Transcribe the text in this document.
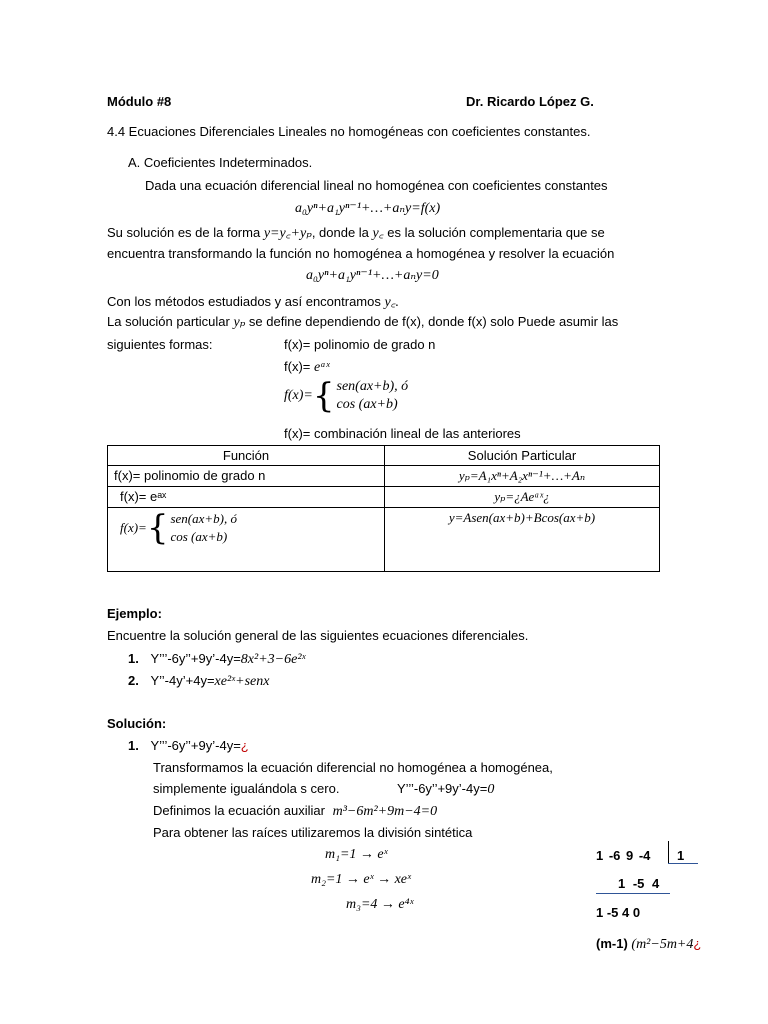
Módulo #8	Dr. Ricardo López G.
4.4 Ecuaciones Diferenciales Lineales no homogéneas con coeficientes constantes.
A. Coeficientes Indeterminados.
Dada una ecuación diferencial lineal no homogénea con coeficientes constantes
a₀yⁿ+a₁yⁿ⁻¹+…+aₙy=f(x)
Su solución es de la forma y=y꜀+yₚ, donde la y꜀ es la solución complementaria que se
encuentra transformando la función no homogénea a homogénea y resolver la ecuación
a₀yⁿ+a₁yⁿ⁻¹+…+aₙy=0
Con los métodos estudiados y así encontramos y꜀.
La solución particular yₚ se define dependiendo de f(x), donde f(x) solo Puede asumir las
siguientes formas:	f(x)= polinomio de grado n
f(x)= eᵃˣ
f(x)={ sen(ax+b), ó
cos (ax+b)
f(x)= combinación lineal de las anteriores
Función	Solución Particular
f(x)= polinomio de grado n	yₚ=A₁xⁿ+A₂xⁿ⁻¹+…+Aₙ
f(x)= eᵃˣ	yₚ=¿Aeᵃˣ¿
f(x)={ sen(ax+b), ó
cos (ax+b)	y=Asen(ax+b)+Bcos(ax+b)
Ejemplo:
Encuentre la solución general de las siguientes ecuaciones diferenciales.
1. Y’’’-6y’’+9y’-4y=8x²+3−6e²ˣ
2. Y’’-4y’+4y=xe²ˣ+senx
Solución:
1. Y’’’-6y’’+9y’-4y=¿
Transformamos la ecuación diferencial no homogénea a homogénea,
simplemente igualándola s cero.	Y’’’-6y’’+9y’-4y=0
Definimos la ecuación auxiliar m³−6m²+9m−4=0
Para obtener las raíces utilizaremos la división sintética
m₁=1 → eˣ
m₂=1 → eˣ → xeˣ
m₃=4 → e⁴ˣ
1 -6 9 -4 1
1 -5 4
1 -5 4 0
(m-1) (m²−5m+4¿
